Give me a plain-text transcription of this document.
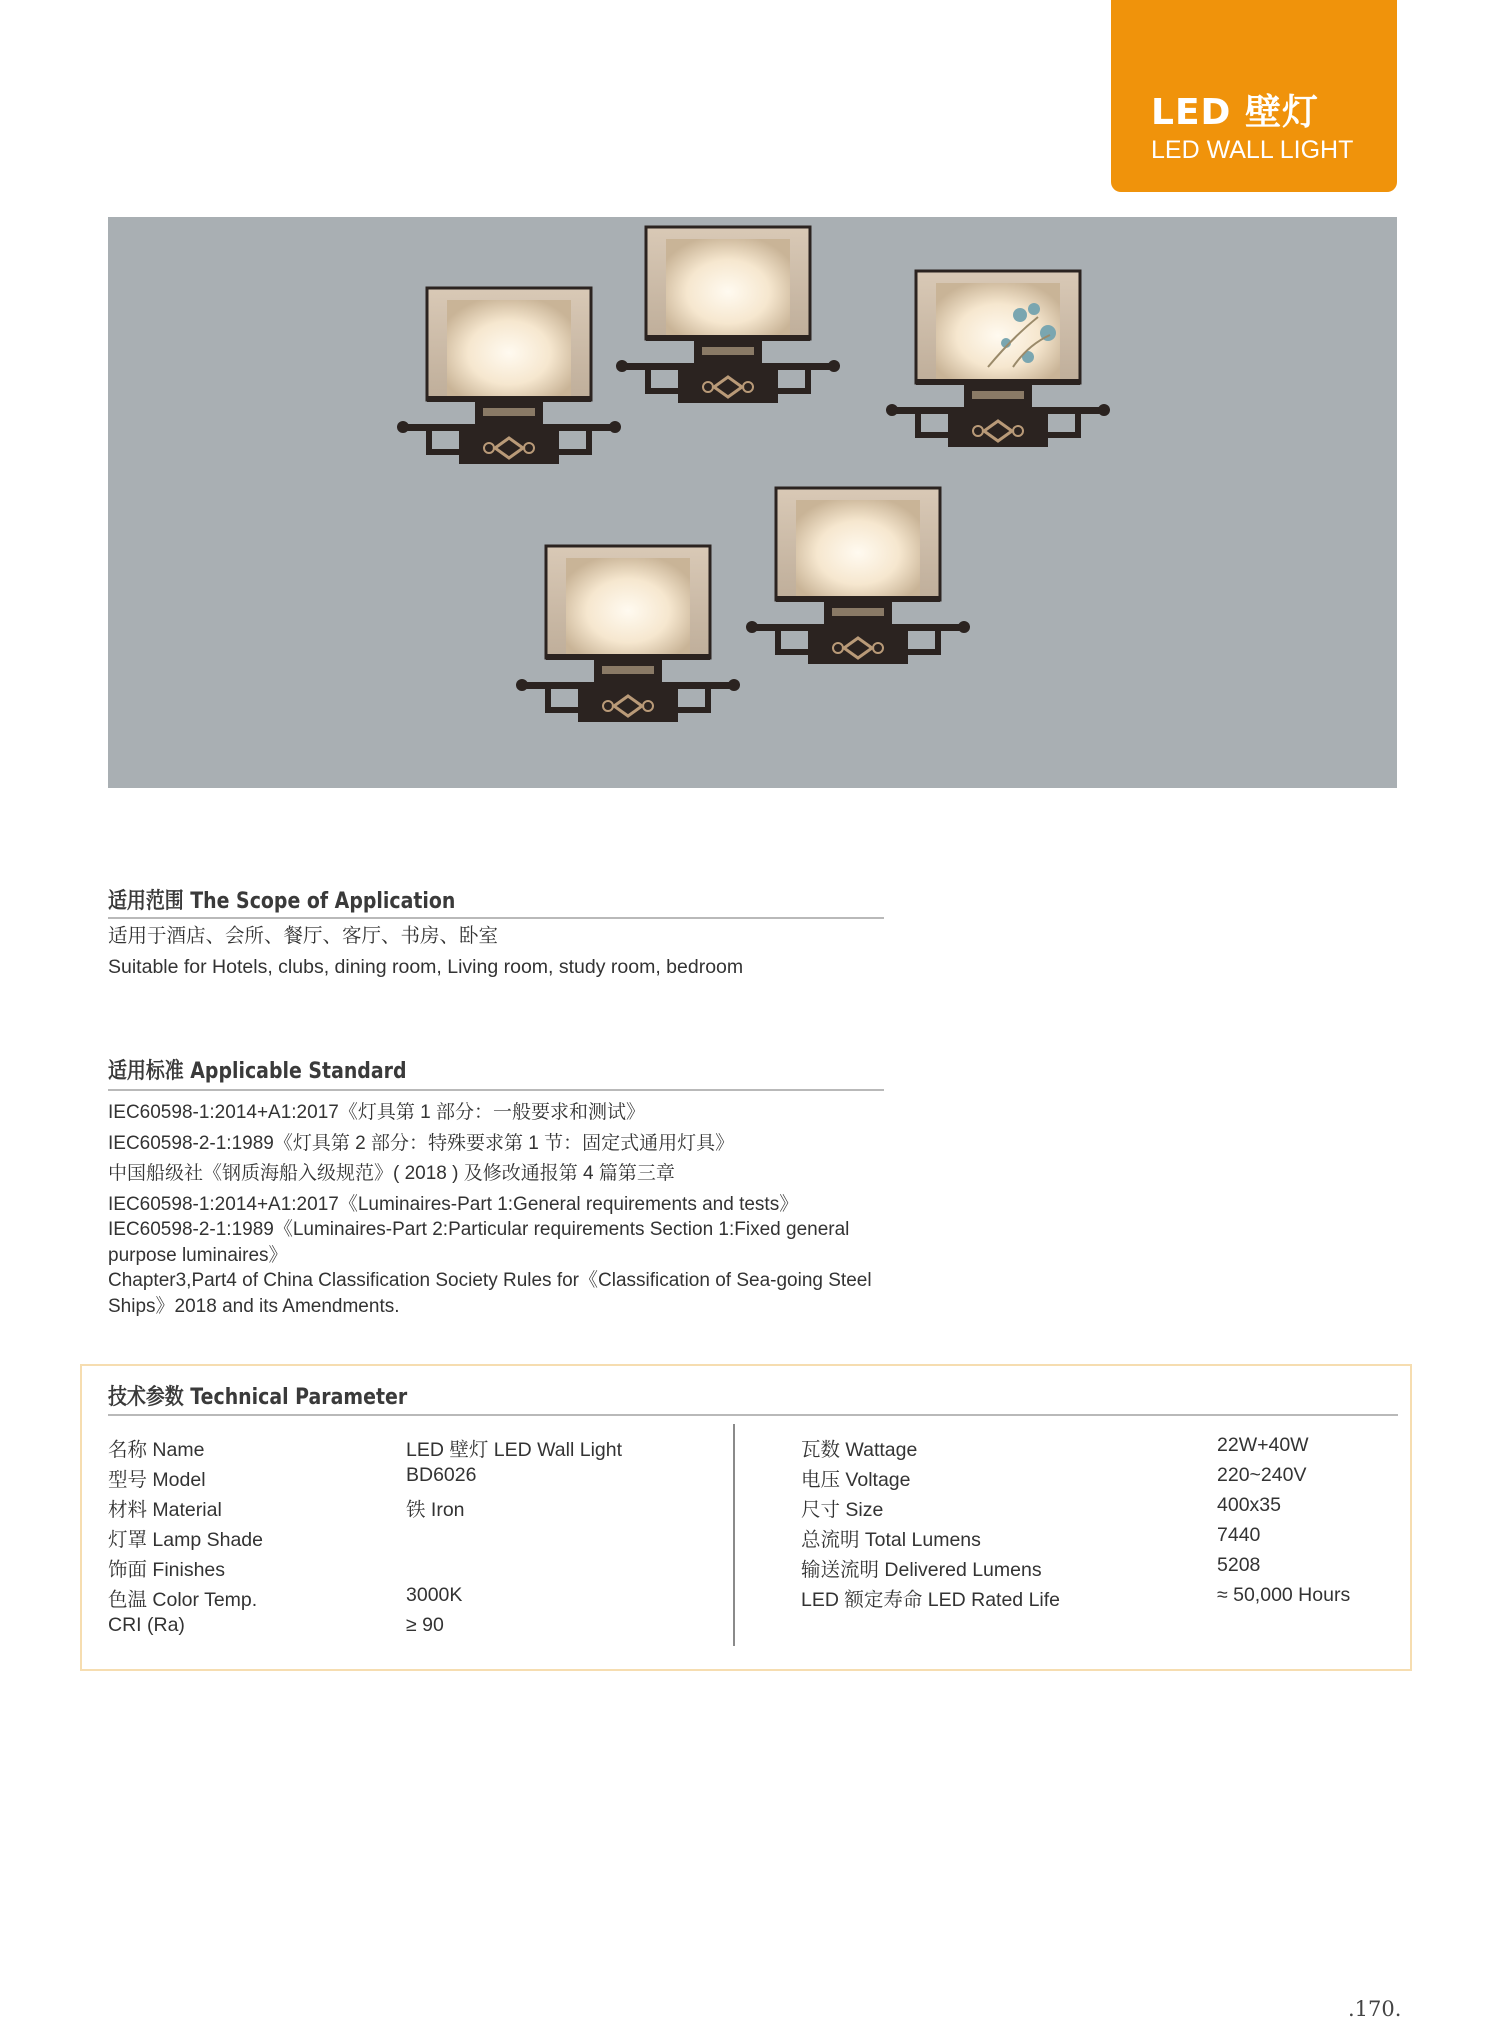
LED 壁灯
LED WALL LIGHT
适用范围 The Scope of Application
适用于酒店、会所、餐厅、客厅、书房、卧室
Suitable for Hotels, clubs, dining room, Living room, study room, bedroom
适用标准 Applicable Standard
IEC60598-1:2014+A1:2017《灯具第 1 部分：一般要求和测试》
IEC60598-2-1:1989《灯具第 2 部分：特殊要求第 1 节：固定式通用灯具》
中国船级社《钢质海船入级规范》( 2018 ) 及修改通报第 4 篇第三章
IEC60598-1:2014+A1:2017《Luminaires-Part 1:General requirements and tests》
IEC60598-2-1:1989《Luminaires-Part 2:Particular requirements Section 1:Fixed general purpose luminaires》
Chapter3,Part4 of China Classification Society Rules for《Classification of Sea-going Steel Ships》2018 and its Amendments.
技术参数 Technical Parameter
名称 Name	LED 壁灯 LED Wall Light
型号 Model	BD6026
材料 Material	铁 Iron
灯罩 Lamp Shade
饰面 Finishes
色温 Color Temp.	3000K
CRI (Ra)	≥ 90
瓦数 Wattage	22W+40W
电压 Voltage	220~240V
尺寸 Size	400x35
总流明 Total Lumens	7440
输送流明 Delivered Lumens	5208
LED 额定寿命 LED Rated Life	≈ 50,000 Hours
.170.
